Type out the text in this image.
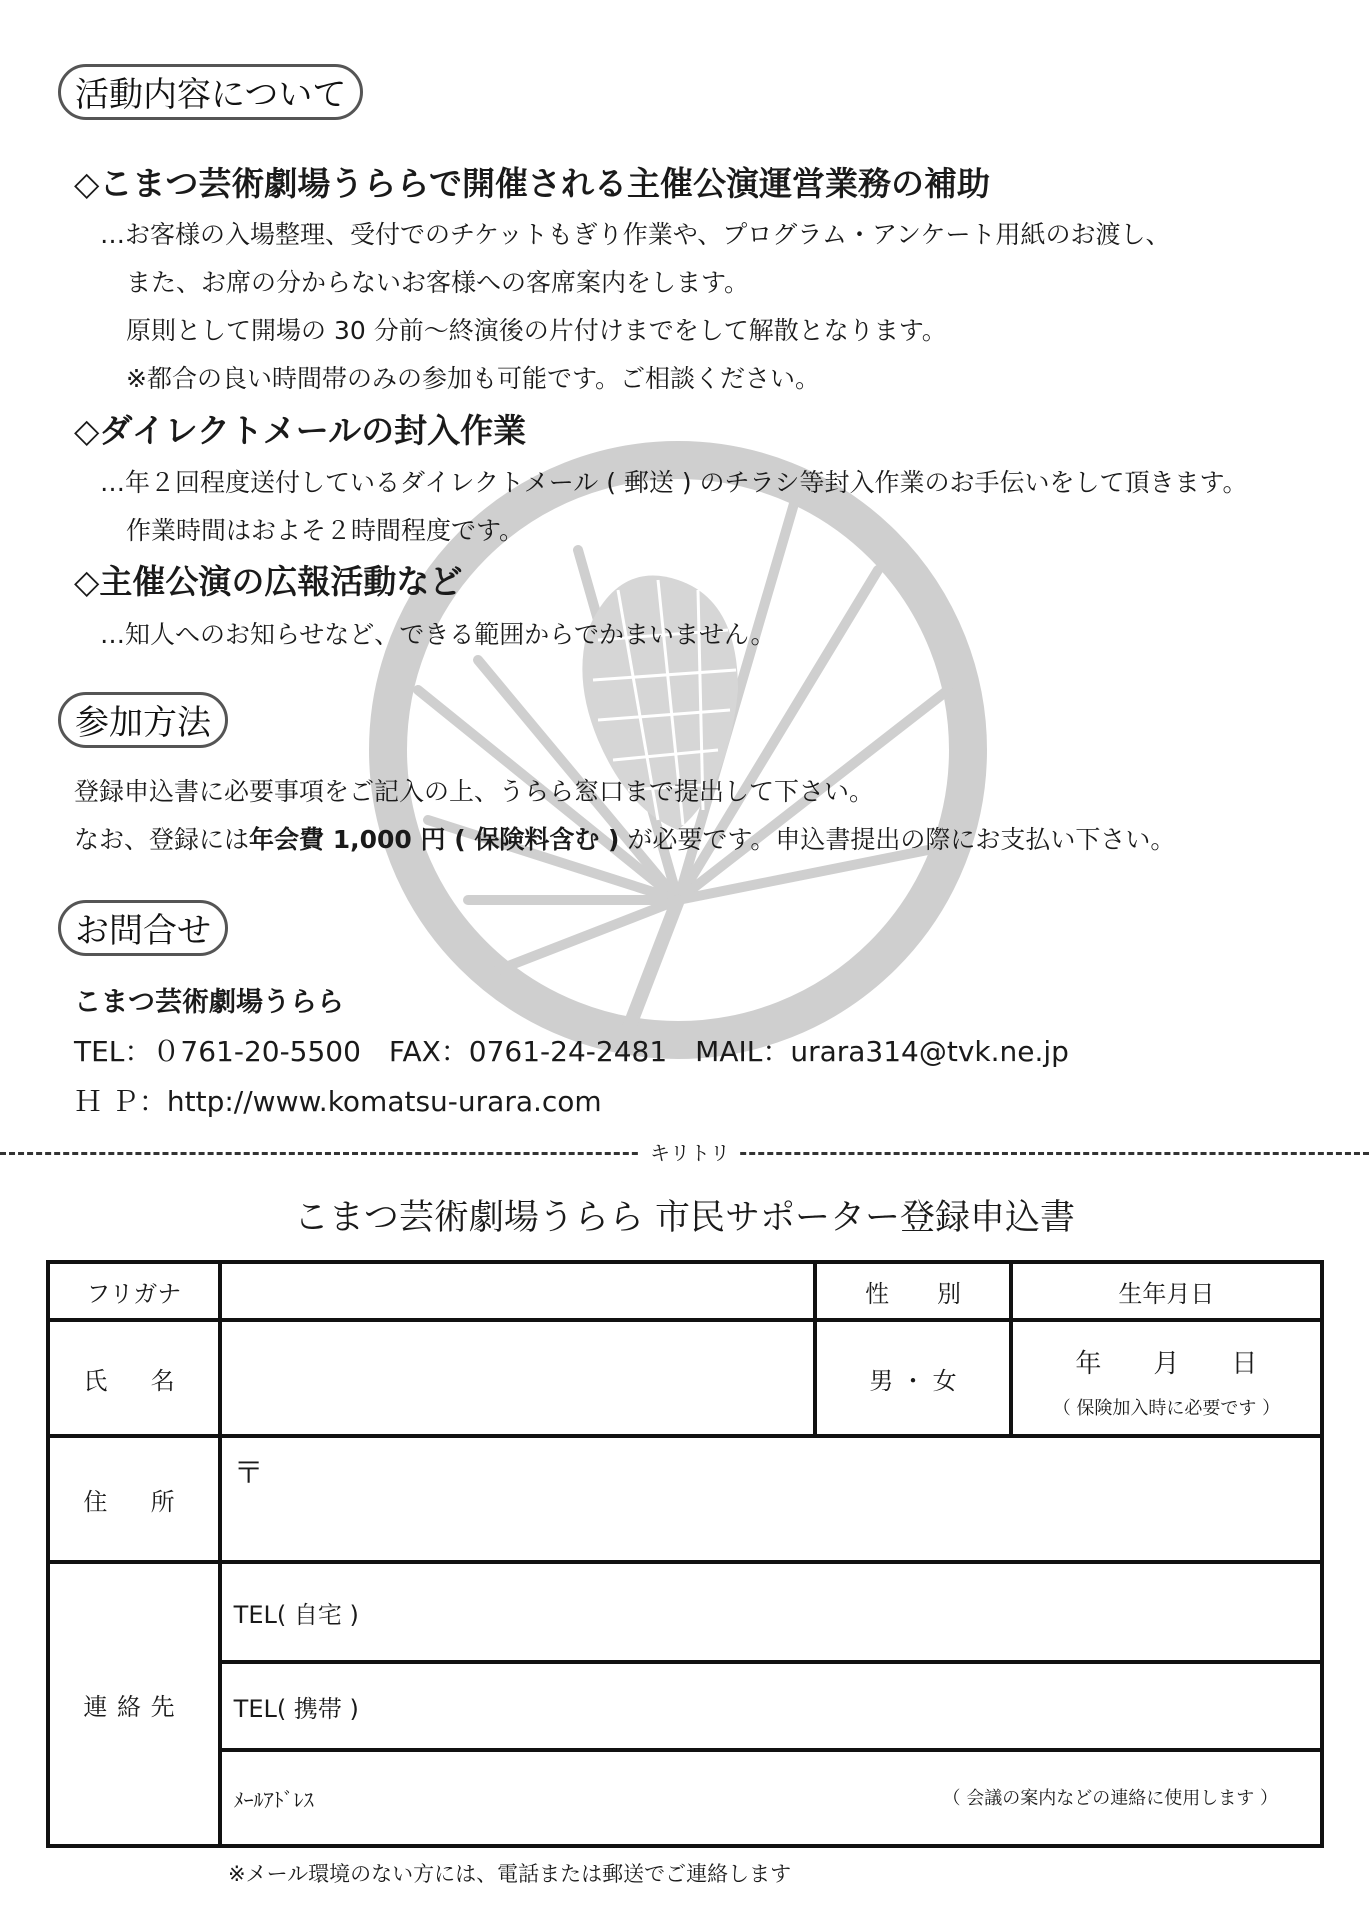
活動内容について
◇こまつ芸術劇場うららで開催される主催公演運営業務の補助
…お客様の入場整理、受付でのチケットもぎり作業や、プログラム・アンケート用紙のお渡し、
また、お席の分からないお客様への客席案内をします。
原則として開場の 30 分前～終演後の片付けまでをして解散となります。
※都合の良い時間帯のみの参加も可能です。ご相談ください。
◇ダイレクトメールの封入作業
…年２回程度送付しているダイレクトメール ( 郵送 ) のチラシ等封入作業のお手伝いをして頂きます。
作業時間はおよそ２時間程度です。
◇主催公演の広報活動など
…知人へのお知らせなど、できる範囲からでかまいません。
参加方法
登録申込書に必要事項をご記入の上、うらら窓口まで提出して下さい。
なお、登録には年会費 1,000 円 ( 保険料含む ) が必要です。申込書提出の際にお支払い下さい。
お問合せ
こまつ芸術劇場うらら
TEL：０761-20-5500　FAX：0761-24-2481　MAIL：urara314@tvk.ne.jp
Ｈ Ｐ：http://www.komatsu-urara.com
キリトリ
こまつ芸術劇場うらら 市民サポーター登録申込書
フリガナ		性　　別	生年月日
氏　名		男 ・ 女	年　　月　　日
（ 保険加入時に必要です ）

住　所	〒		
連絡先	TEL( 自宅 )		
	TEL( 携帯 )		
	ﾒｰﾙｱﾄﾞﾚｽ （ 会議の案内などの連絡に使用します ）		
※メール環境のない方には、電話または郵送でご連絡します
